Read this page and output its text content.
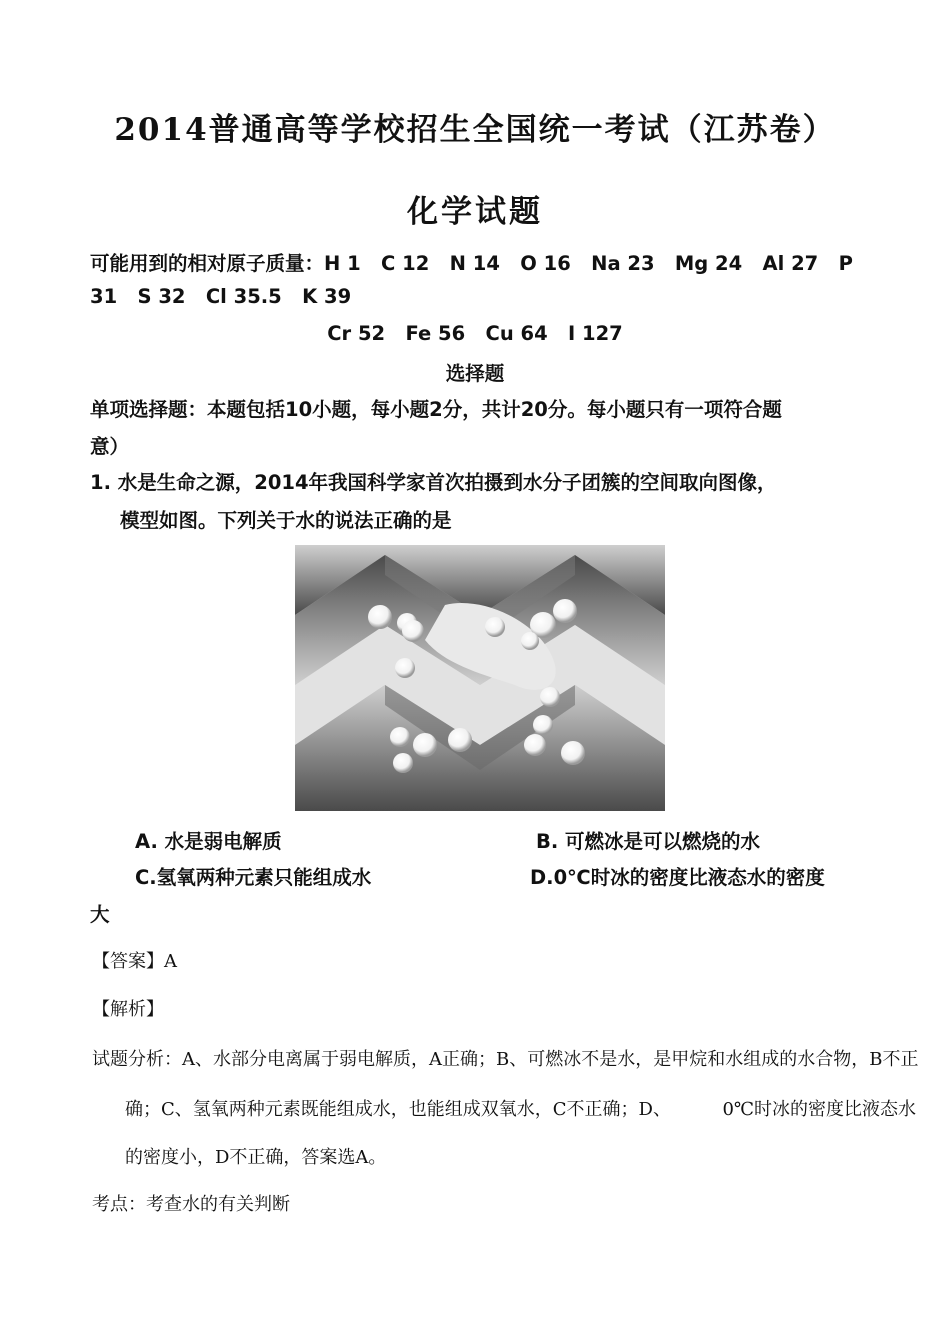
2014普通高等学校招生全国统一考试（江苏卷）
化学试题
可能用到的相对原子质量：H 1   C 12   N 14   O 16   Na 23   Mg 24   Al 27   P
31   S 32   Cl 35.5   K 39
Cr 52   Fe 56   Cu 64   I 127
选择题
单项选择题：本题包括10小题，每小题2分，共计20分。每小题只有一项符合题
意）
1. 水是生命之源，2014年我国科学家首次拍摄到水分子团簇的空间取向图像，
模型如图。下列关于水的说法正确的是
A. 水是弱电解质	B. 可燃冰是可以燃烧的水
C.氢氧两种元素只能组成水	D.0℃时冰的密度比液态水的密度
大
【答案】A
【解析】
试题分析：A、水部分电离属于弱电解质，A正确；B、可燃冰不是水，是甲烷和水组成的水合物，B不正
确；C、氢氧两种元素既能组成水，也能组成双氧水，C不正确；D、         0℃时冰的密度比液态水
的密度小，D不正确，答案选A。
考点：考查水的有关判断
